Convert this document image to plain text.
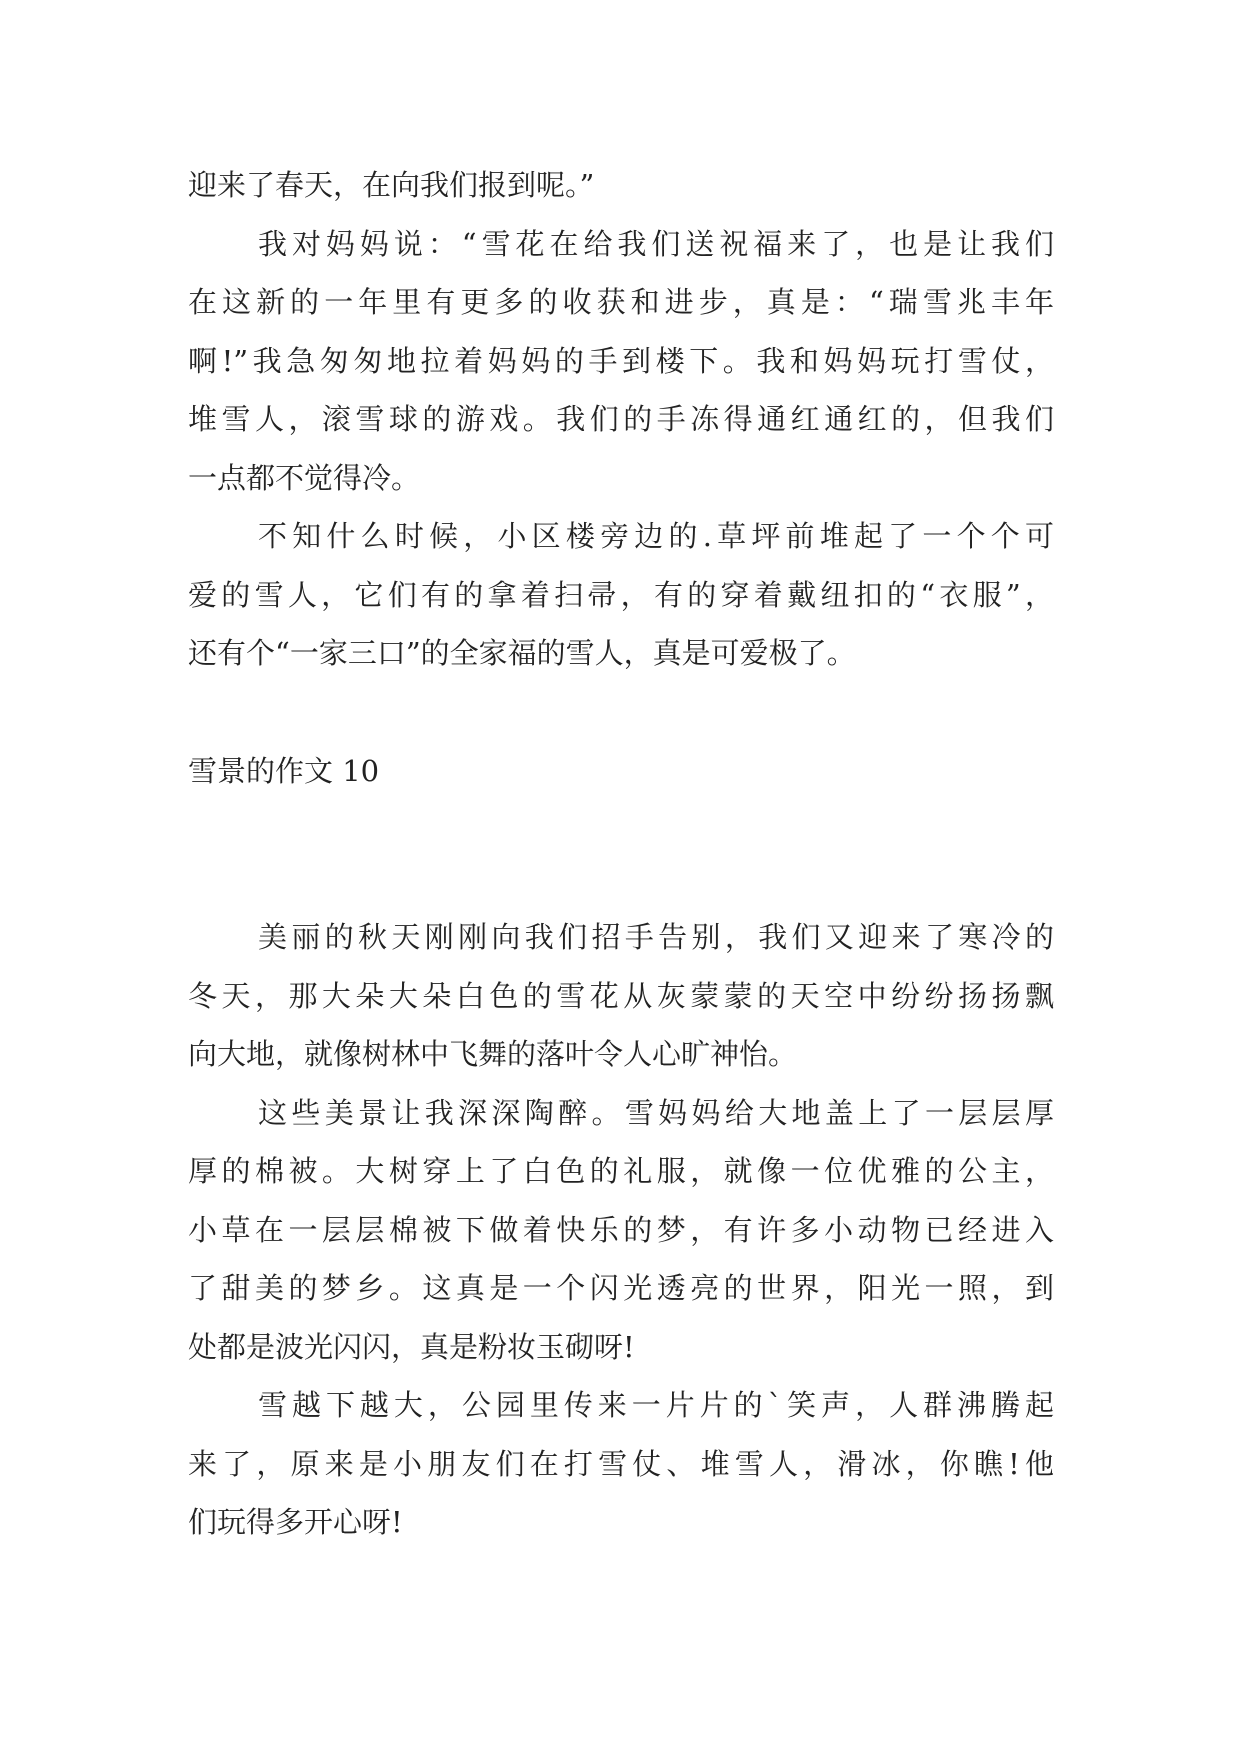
迎来了春天，在向我们报到呢。”
我对妈妈说：“雪花在给我们送祝福来了，也是让我们
在这新的一年里有更多的收获和进步，真是：“瑞雪兆丰年
啊!”我急匆匆地拉着妈妈的手到楼下。我和妈妈玩打雪仗，
堆雪人，滚雪球的游戏。我们的手冻得通红通红的，但我们
一点都不觉得冷。
不知什么时候，小区楼旁边的.草坪前堆起了一个个可
爱的雪人，它们有的拿着扫帚，有的穿着戴纽扣的“衣服”，
还有个“一家三口”的全家福的雪人，真是可爱极了。
雪景的作文 10
美丽的秋天刚刚向我们招手告别，我们又迎来了寒冷的
冬天，那大朵大朵白色的雪花从灰蒙蒙的天空中纷纷扬扬飘
向大地，就像树林中飞舞的落叶令人心旷神怡。
这些美景让我深深陶醉。雪妈妈给大地盖上了一层层厚
厚的棉被。大树穿上了白色的礼服，就像一位优雅的公主，
小草在一层层棉被下做着快乐的梦，有许多小动物已经进入
了甜美的梦乡。这真是一个闪光透亮的世界，阳光一照，到
处都是波光闪闪，真是粉妆玉砌呀!
雪越下越大，公园里传来一片片的`笑声，人群沸腾起
来了，原来是小朋友们在打雪仗、堆雪人，滑冰，你瞧!他
们玩得多开心呀!
